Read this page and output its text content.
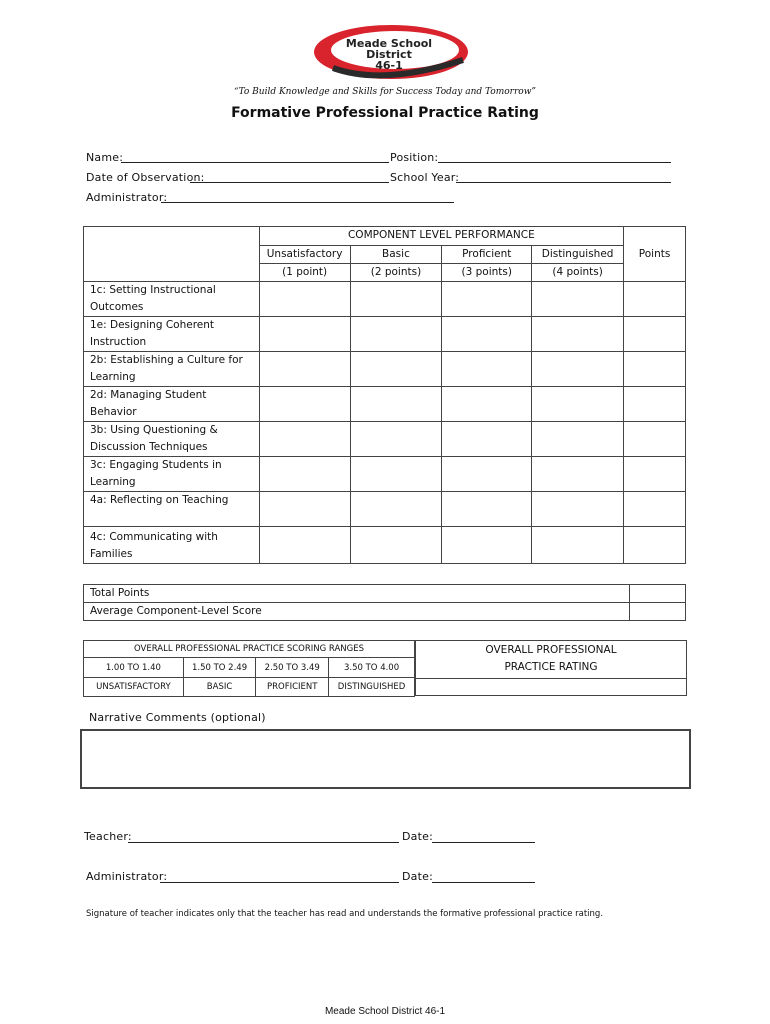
Meade School District
46-1
“To Build Knowledge and Skills for Success Today and Tomorrow”
Formative Professional Practice Rating
Name:	Position:
Date of Observation:	School Year:
Administrator:
	COMPONENT LEVEL PERFORMANCE				
	Unsatisfactory	Basic	Proficient	Distinguished	Points
	(1 point)	(2 points)	(3 points)	(4 points)	

1c: Setting Instructional
Outcomes					

1e: Designing Coherent
Instruction					

2b: Establishing a Culture for
Learning					

2d: Managing Student
Behavior					

3b: Using Questioning &
Discussion Techniques					

3c: Engaging Students in
Learning					

4a: Reflecting on Teaching					

4c: Communicating with
Families					

Total Points	
Average Component-Level Score	
OVERALL PROFESSIONAL PRACTICE SCORING RANGES			
1.00 TO 1.40	1.50 TO 2.49	2.50 TO 3.49	3.50 TO 4.00
UNSATISFACTORY	BASIC	PROFICIENT	DISTINGUISHED
OVERALL PROFESSIONAL
PRACTICE RATING
Narrative Comments (optional)
Teacher:	Date:
Administrator:	Date:
Signature of teacher indicates only that the teacher has read and understands the formative professional practice rating.
Meade School District 46-1
